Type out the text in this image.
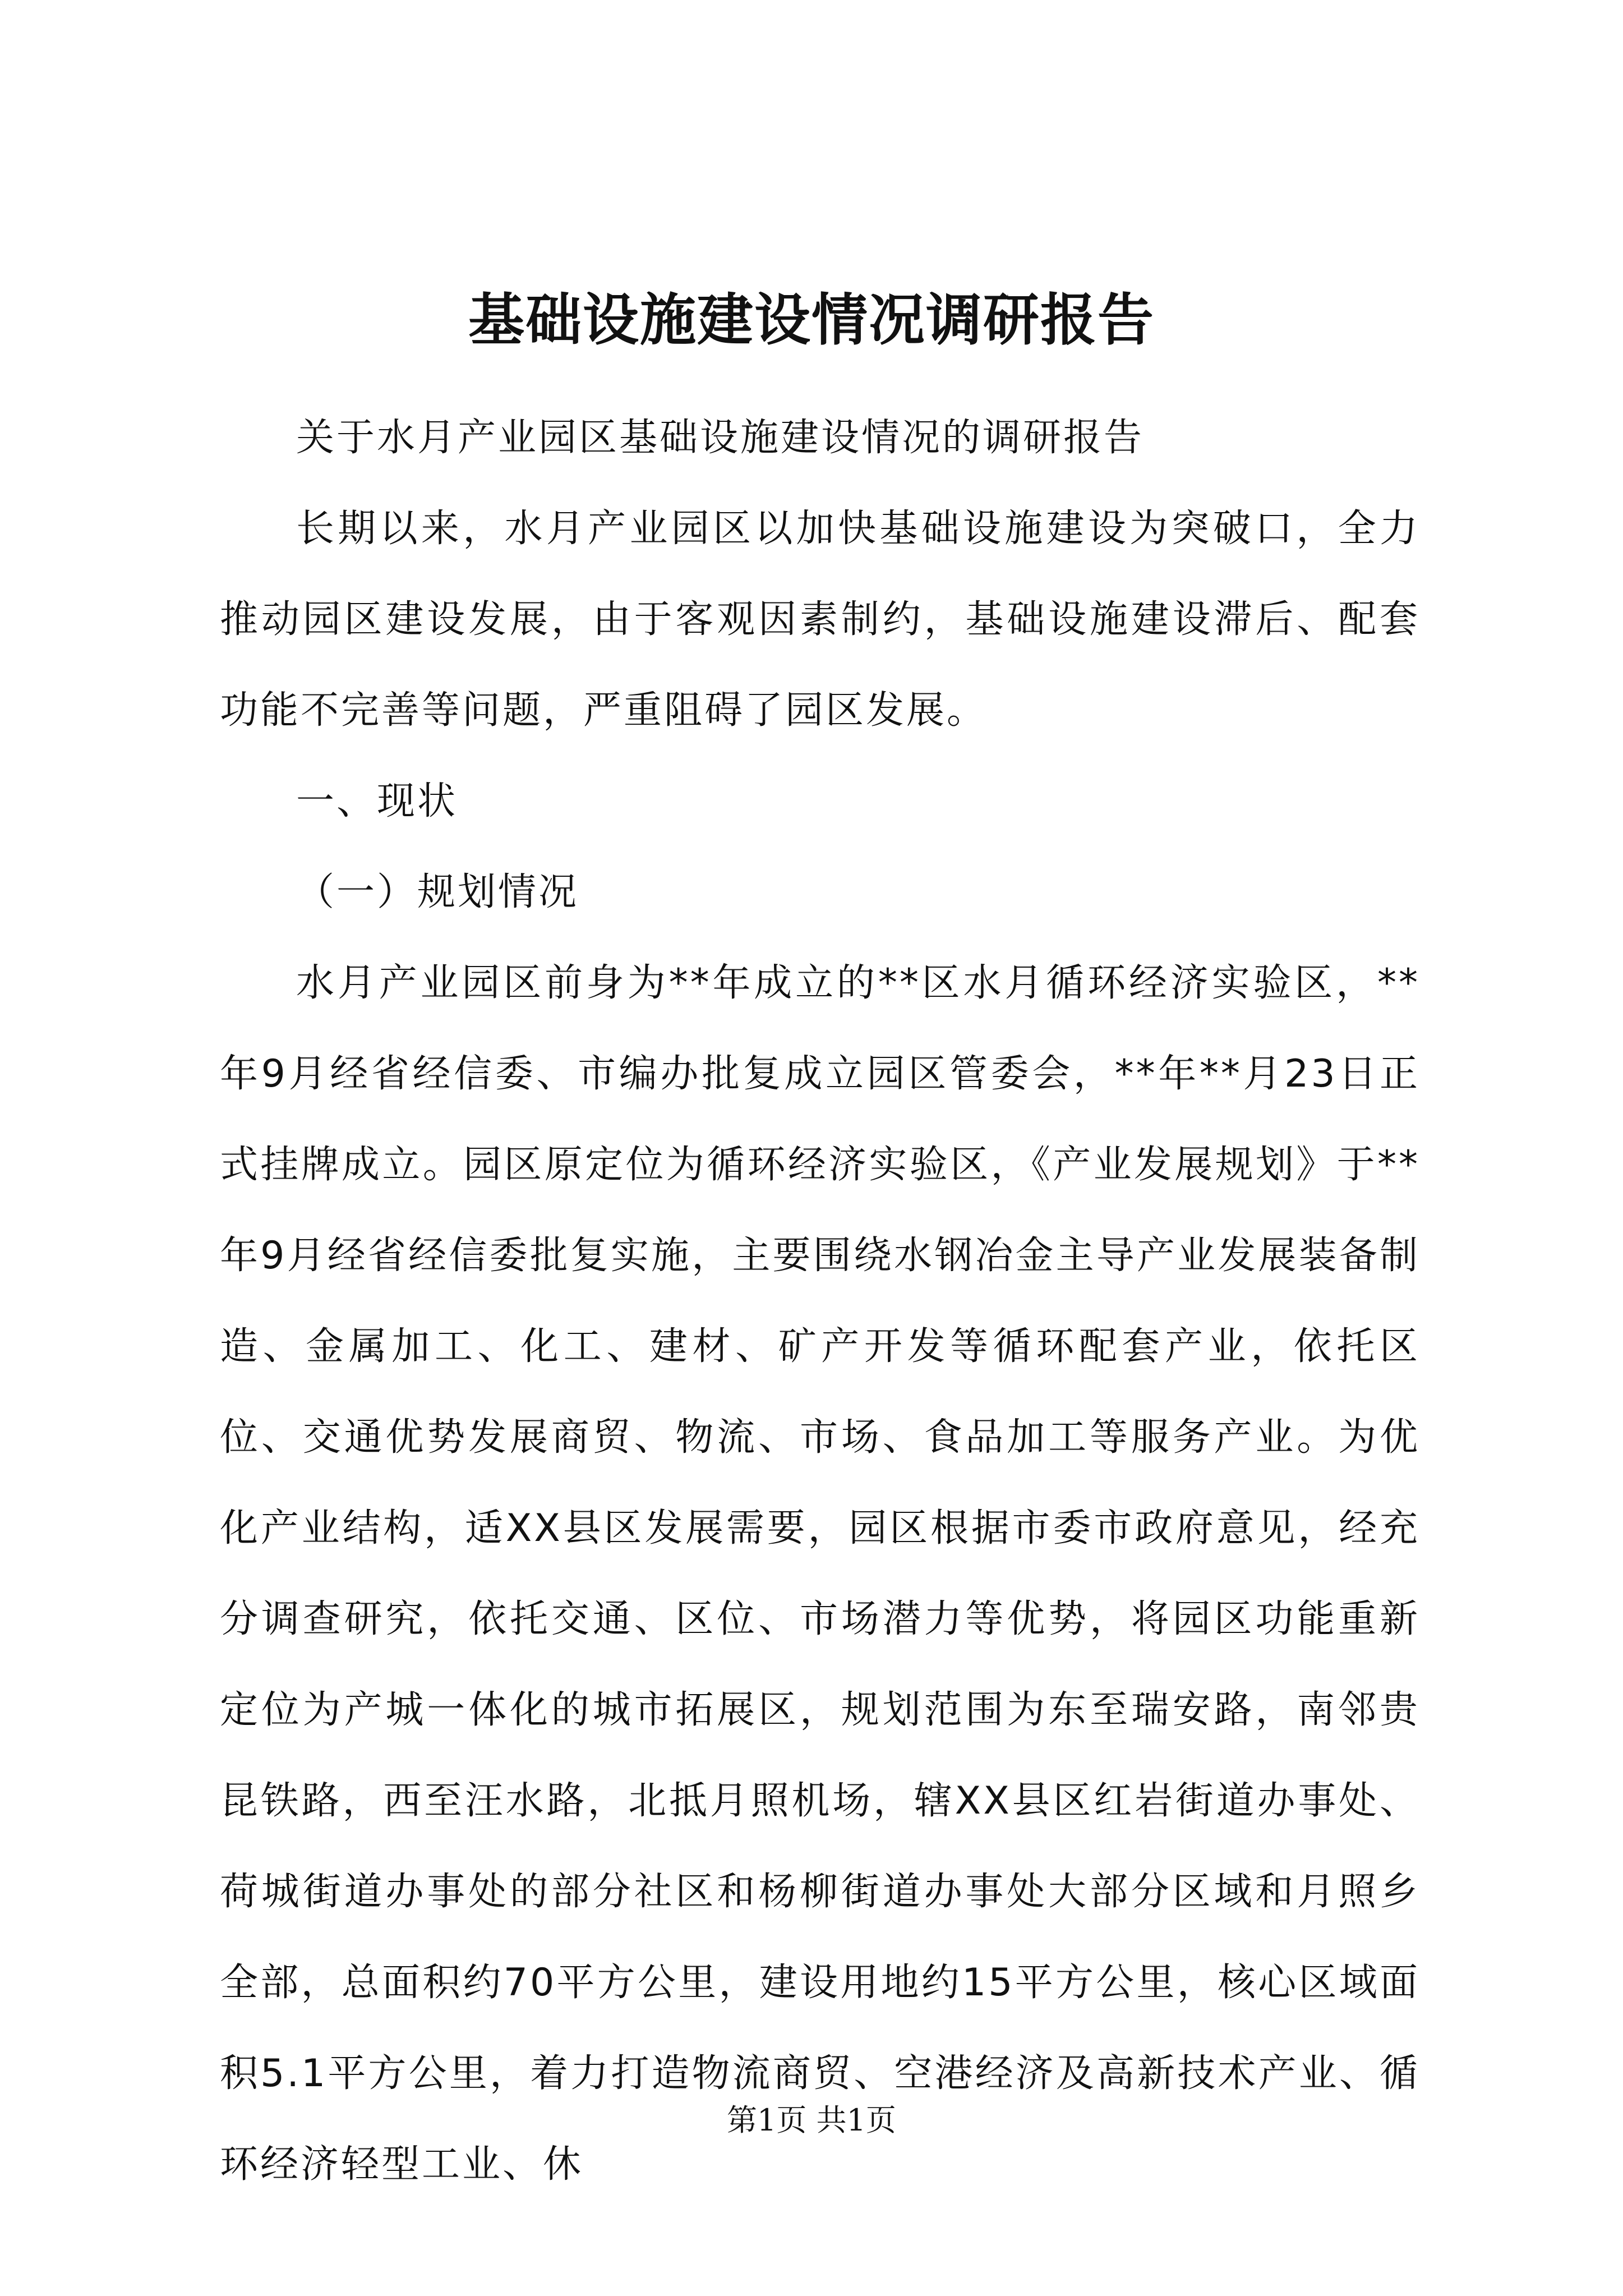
基础设施建设情况调研报告

关于水月产业园区基础设施建设情况的调研报告

长期以来，水月产业园区以加快基础设施建设为突破口，全力推动园区建设发展，由于客观因素制约，基础设施建设滞后、配套功能不完善等问题，严重阻碍了园区发展。

一、现状

（一）规划情况

水月产业园区前身为**年成立的**区水月循环经济实验区，**年9月经省经信委、市编办批复成立园区管委会，**年**月23日正式挂牌成立。园区原定位为循环经济实验区，《产业发展规划》于**年9月经省经信委批复实施，主要围绕水钢冶金主导产业发展装备制造、金属加工、化工、建材、矿产开发等循环配套产业，依托区位、交通优势发展商贸、物流、市场、食品加工等服务产业。为优化产业结构，适XX县区发展需要，园区根据市委市政府意见，经充分调查研究，依托交通、区位、市场潜力等优势，将园区功能重新定位为产城一体化的城市拓展区，规划范围为东至瑞安路，南邻贵昆铁路，西至汪水路，北抵月照机场，辖XX县区红岩街道办事处、荷城街道办事处的部分社区和杨柳街道办事处大部分区域和月照乡全部，总面积约70平方公里，建设用地约15平方公里，核心区域面积5.1平方公里，着力打造物流商贸、空港经济及高新技术产业、循环经济轻型工业、休

第1页 共1页
